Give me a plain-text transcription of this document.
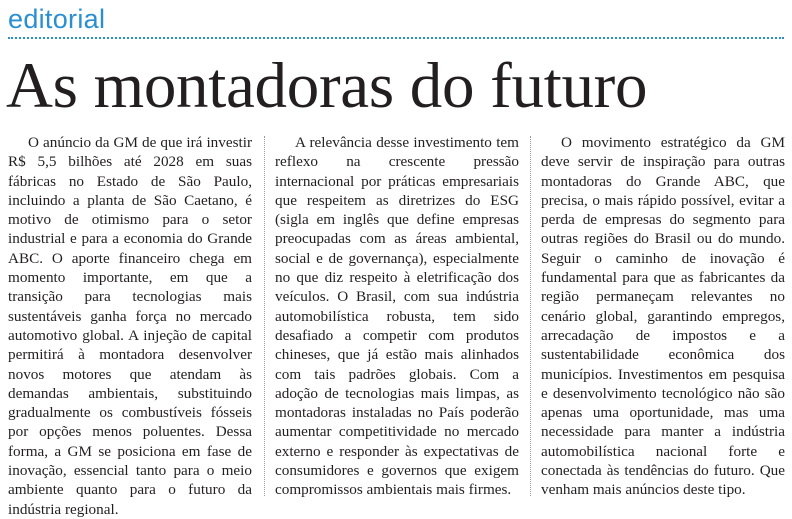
editorial
As montadoras do futuro

O anúncio da GM de que irá investir R$ 5,5 bilhões até 2028 em suas fábricas no Estado de São Paulo, incluindo a planta de São Caetano, é motivo de otimismo para o setor industrial e para a economia do Grande ABC. O aporte financeiro chega em momento importante, em que a transição para tecnologias mais sustentáveis ganha força no mercado automotivo global. A injeção de capital permitirá à montadora desenvolver novos motores que atendam às demandas ambientais, substituindo gradualmente os combustíveis fósseis por opções menos poluentes. Dessa forma, a GM se posiciona em fase de inovação, essencial tanto para o meio ambiente quanto para o futuro da indústria regional.

A relevância desse investimento tem reflexo na crescente pressão internacional por práticas empresariais que respeitem as diretrizes do ESG (sigla em inglês que define empresas preocupadas com as áreas ambiental, social e de governança), especialmente no que diz respeito à eletrificação dos veículos. O Brasil, com sua indústria automobilística robusta, tem sido desafiado a competir com produtos chineses, que já estão mais alinhados com tais padrões globais. Com a adoção de tecnologias mais limpas, as montadoras instaladas no País poderão aumentar competitividade no mercado externo e responder às expectativas de consumidores e governos que exigem compromissos ambientais mais firmes.

O movimento estratégico da GM deve servir de inspiração para outras montadoras do Grande ABC, que precisa, o mais rápido possível, evitar a perda de empresas do segmento para outras regiões do Brasil ou do mundo. Seguir o caminho de inovação é fundamental para que as fabricantes da região permaneçam relevantes no cenário global, garantindo empregos, arrecadação de impostos e a sustentabilidade econômica dos municípios. Investimentos em pesquisa e desenvolvimento tecnológico não são apenas uma oportunidade, mas uma necessidade para manter a indústria automobilística nacional forte e conectada às tendências do futuro. Que venham mais anúncios deste tipo.
